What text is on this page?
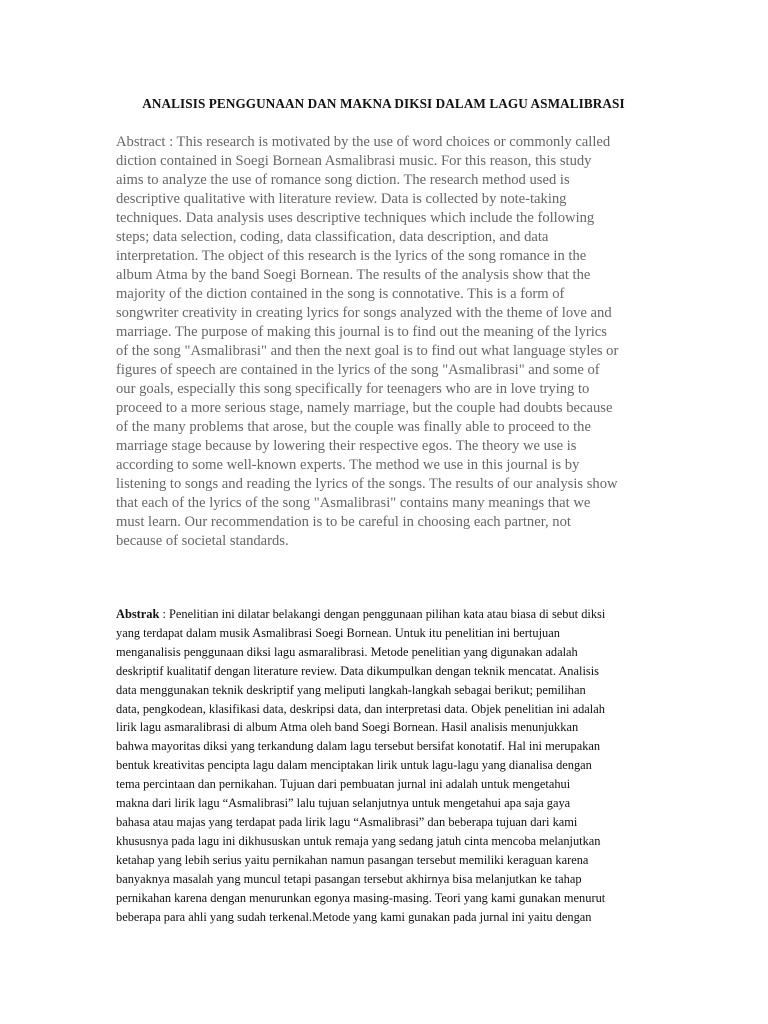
ANALISIS PENGGUNAAN DAN MAKNA DIKSI DALAM LAGU ASMALIBRASI
Abstract : This research is motivated by the use of word choices or commonly called
diction contained in Soegi Bornean Asmalibrasi music. For this reason, this study
aims to analyze the use of romance song diction. The research method used is
descriptive qualitative with literature review. Data is collected by note-taking
techniques. Data analysis uses descriptive techniques which include the following
steps; data selection, coding, data classification, data description, and data
interpretation. The object of this research is the lyrics of the song romance in the
album Atma by the band Soegi Bornean. The results of the analysis show that the
majority of the diction contained in the song is connotative. This is a form of
songwriter creativity in creating lyrics for songs analyzed with the theme of love and
marriage. The purpose of making this journal is to find out the meaning of the lyrics
of the song "Asmalibrasi" and then the next goal is to find out what language styles or
figures of speech are contained in the lyrics of the song "Asmalibrasi" and some of
our goals, especially this song specifically for teenagers who are in love trying to
proceed to a more serious stage, namely marriage, but the couple had doubts because
of the many problems that arose, but the couple was finally able to proceed to the
marriage stage because by lowering their respective egos. The theory we use is
according to some well-known experts. The method we use in this journal is by
listening to songs and reading the lyrics of the songs. The results of our analysis show
that each of the lyrics of the song "Asmalibrasi" contains many meanings that we
must learn. Our recommendation is to be careful in choosing each partner, not
because of societal standards.
Abstrak : Penelitian ini dilatar belakangi dengan penggunaan pilihan kata atau biasa di sebut diksi
yang terdapat dalam musik Asmalibrasi Soegi Bornean. Untuk itu penelitian ini bertujuan
menganalisis penggunaan diksi lagu asmaralibrasi. Metode penelitian yang digunakan adalah
deskriptif kualitatif dengan literature review. Data dikumpulkan dengan teknik mencatat. Analisis
data menggunakan teknik deskriptif yang meliputi langkah-langkah sebagai berikut; pemilihan
data, pengkodean, klasifikasi data, deskripsi data, dan interpretasi data. Objek penelitian ini adalah
lirik lagu asmaralibrasi di album Atma oleh band Soegi Bornean. Hasil analisis menunjukkan
bahwa mayoritas diksi yang terkandung dalam lagu tersebut bersifat konotatif. Hal ini merupakan
bentuk kreativitas pencipta lagu dalam menciptakan lirik untuk lagu-lagu yang dianalisa dengan
tema percintaan dan pernikahan. Tujuan dari pembuatan jurnal ini adalah untuk mengetahui
makna dari lirik lagu “Asmalibrasi” lalu tujuan selanjutnya untuk mengetahui apa saja gaya
bahasa atau majas yang terdapat pada lirik lagu “Asmalibrasi” dan beberapa tujuan dari kami
khususnya pada lagu ini dikhususkan untuk remaja yang sedang jatuh cinta mencoba melanjutkan
ketahap yang lebih serius yaitu pernikahan namun pasangan tersebut memiliki keraguan karena
banyaknya masalah yang muncul tetapi pasangan tersebut akhirnya bisa melanjutkan ke tahap
pernikahan karena dengan menurunkan egonya masing-masing. Teori yang kami gunakan menurut
beberapa para ahli yang sudah terkenal.Metode yang kami gunakan pada jurnal ini yaitu dengan
